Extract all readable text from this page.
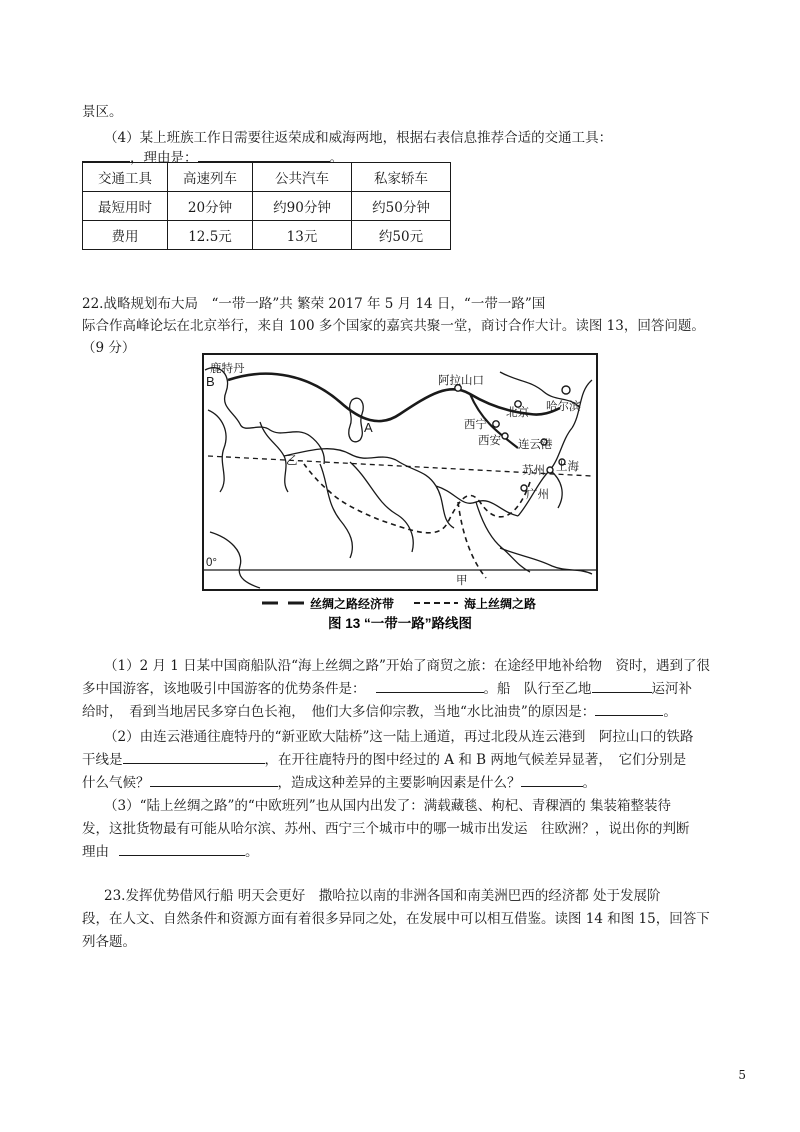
景区。
（4）某上班族工作日需要往返荣成和威海两地，根据右表信息推荐合适的交通工具：
，理由是：	。
交通工具	高速列车	公共汽车	私家轿车
最短用时	20分钟	约90分钟	约50分钟
费用	12.5元	13元	约50元
22.战略规划布大局　“一带一路”共 繁荣 2017 年 5 月 14 日，“一带一路”国
际合作高峰论坛在北京举行，来自 100 多个国家的嘉宾共聚一堂，商讨合作大计。读图 13，回答问题。
（9 分）
鹿特丹
B
A
阿拉山口
哈尔滨
北京
西宁
西安 连云港
苏州 上海
广州
乙
甲
0°
丝绸之路经济带	海上丝绸之路
图 13 “一带一路”路线图
（1）2 月 1 日某中国商船队沿“海上丝绸之路”开始了商贸之旅：在途经甲地补给物　资时，遇到了很
多中国游客，该地吸引中国游客的优势条件是：	。船　队行至乙地	运河补
给时，　看到当地居民多穿白色长袍，　他们大多信仰宗教，当地“水比油贵”的原因是：	。
（2）由连云港通往鹿特丹的“新亚欧大陆桥”这一陆上通道，再过北段从连云港到　阿拉山口的铁路
干线是	，在开往鹿特丹的图中经过的 A 和 B 两地气候差异显著，　它们分别是
什么气候？	，造成这种差异的主要影响因素是什么？	。
（3）“陆上丝绸之路”的“中欧班列”也从国内出发了：满载藏毯、枸杞、青稞酒的 集装箱整装待
发，这批货物最有可能从哈尔滨、苏州、西宁三个城市中的哪一城市出发运　往欧洲？，说出你的判断
理由	。
23.发挥优势借风行船 明天会更好　撒哈拉以南的非洲各国和南美洲巴西的经济都 处于发展阶
段，在人文、自然条件和资源方面有着很多异同之处，在发展中可以相互借鉴。读图 14 和图 15，回答下
列各题。
5
